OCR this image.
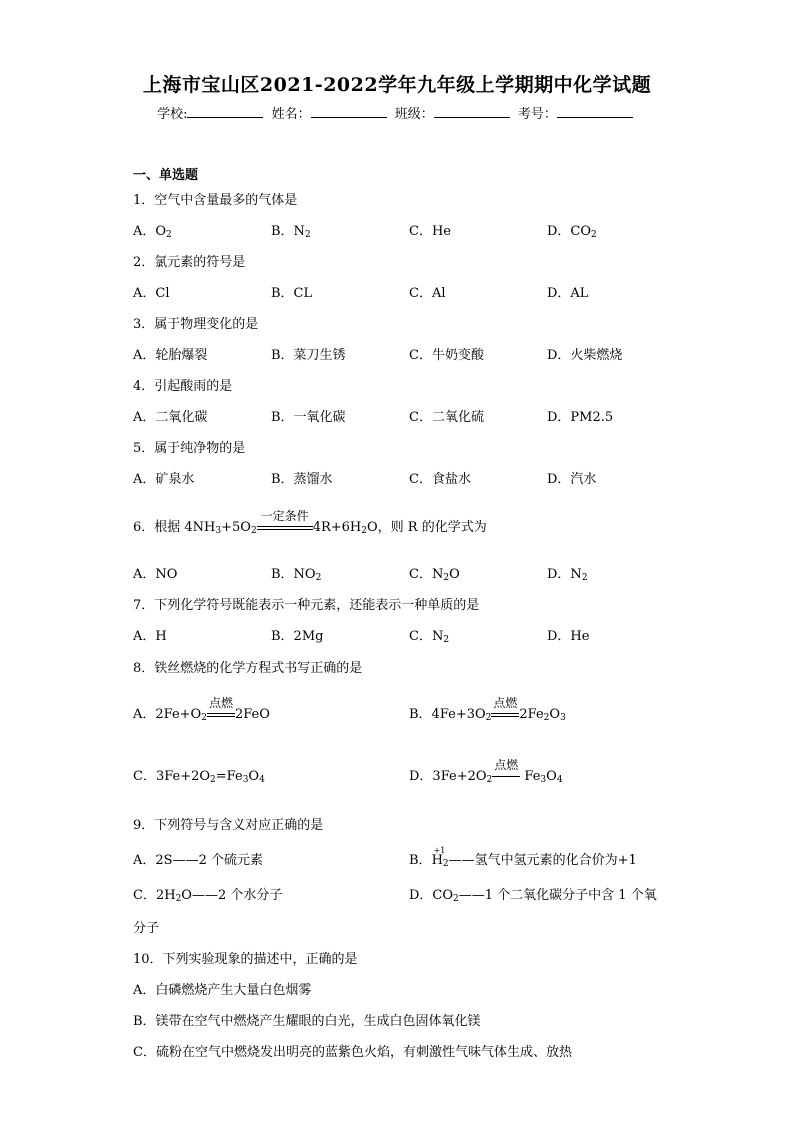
上海市宝山区2021-2022学年九年级上学期期中化学试题
学校:	姓名：	班级：	考号：
一、单选题
1．空气中含量最多的气体是
A．$O_2$	B．$N_2$	C．He	D．$CO_2$
2．氯元素的符号是
A．Cl	B．CL	C．Al	D．AL
3．属于物理变化的是
A．轮胎爆裂	B．菜刀生锈	C．牛奶变酸	D．火柴燃烧
4．引起酸雨的是
A．二氧化碳	B．一氧化碳	C．二氧化硫	D．PM2.5
5．属于纯净物的是
A．矿泉水	B．蒸馏水	C．食盐水	D．汽水
6．根据 $4NH_3+5O_2$
一定条件
$4R+6H_2O$，则 R 的化学式为
A．NO	B．$NO_2$	C．$N_2O$	D．$N_2$
7．下列化学符号既能表示一种元素，还能表示一种单质的是
A．H	B．2Mg	C．$N_2$	D．He
8．铁丝燃烧的化学方程式书写正确的是
A．$2Fe+O_2$
点燃
2FeO	B．$4Fe+3O_2$
点燃
$2Fe_2O_3$
C．$3Fe+2O_2=Fe_3O_4$	D．$3Fe+2O_2$
点燃
$Fe_3O_4$
9．下列符号与含义对应正确的是
A．2S——2 个硫元素	B．
+1
$H_2——$氢气中氢元素的化合价为+1
C．$2H_2O——2$ 个水分子	D．$CO_2——1$ 个二氧化碳分子中含 1 个氧
分子
10．下列实验现象的描述中，正确的是
A．白磷燃烧产生大量白色烟雾
B．镁带在空气中燃烧产生耀眼的白光，生成白色固体氧化镁
C．硫粉在空气中燃烧发出明亮的蓝紫色火焰，有刺激性气味气体生成、放热
